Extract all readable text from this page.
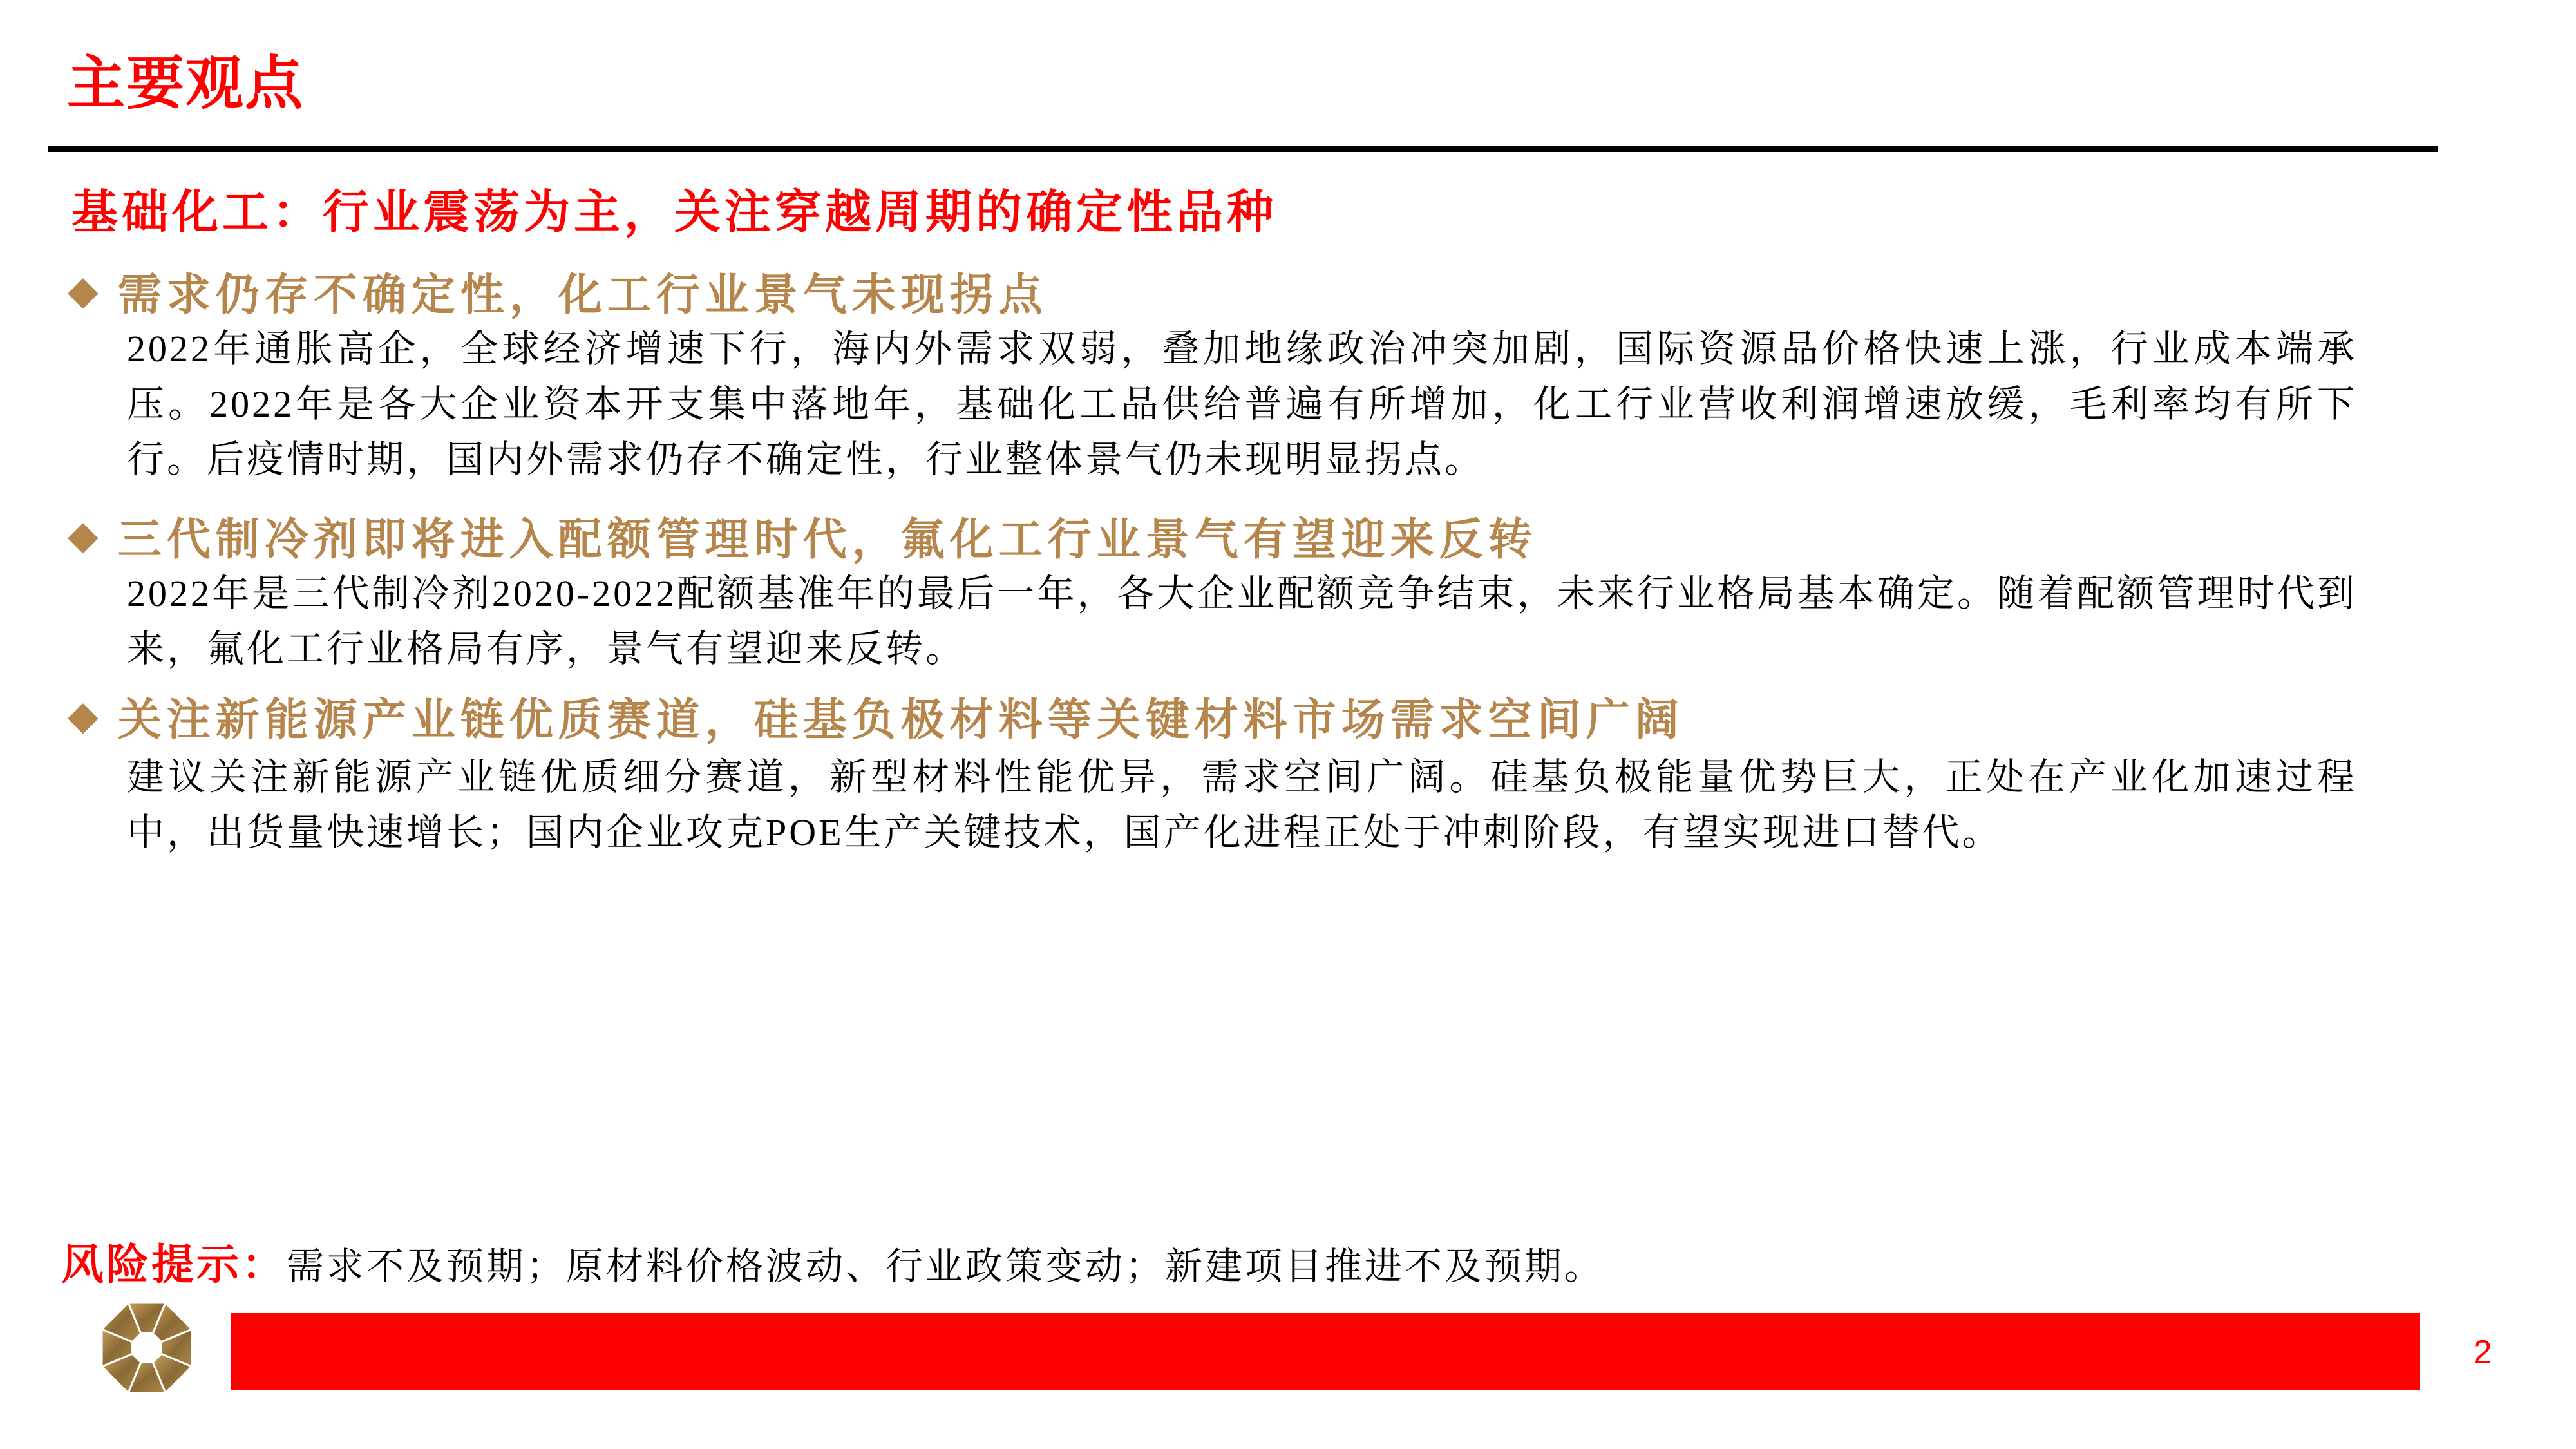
主要观点
基础化工：行业震荡为主，关注穿越周期的确定性品种
◆ 需求仍存不确定性，化工行业景气未现拐点
2022年通胀高企，全球经济增速下行，海内外需求双弱，叠加地缘政治冲突加剧，国际资源品价格快速上涨，行业成本端承压。2022年是各大企业资本开支集中落地年，基础化工品供给普遍有所增加，化工行业营收利润增速放缓，毛利率均有所下行。后疫情时期，国内外需求仍存不确定性，行业整体景气仍未现明显拐点。
◆ 三代制冷剂即将进入配额管理时代，氟化工行业景气有望迎来反转
2022年是三代制冷剂2020-2022配额基准年的最后一年，各大企业配额竞争结束，未来行业格局基本确定。随着配额管理时代到来，氟化工行业格局有序，景气有望迎来反转。
◆ 关注新能源产业链优质赛道，硅基负极材料等关键材料市场需求空间广阔
建议关注新能源产业链优质细分赛道，新型材料性能优异，需求空间广阔。硅基负极能量优势巨大，正处在产业化加速过程中，出货量快速增长；国内企业攻克POE生产关键技术，国产化进程正处于冲刺阶段，有望实现进口替代。
风险提示：需求不及预期；原材料价格波动、行业政策变动；新建项目推进不及预期。
2
